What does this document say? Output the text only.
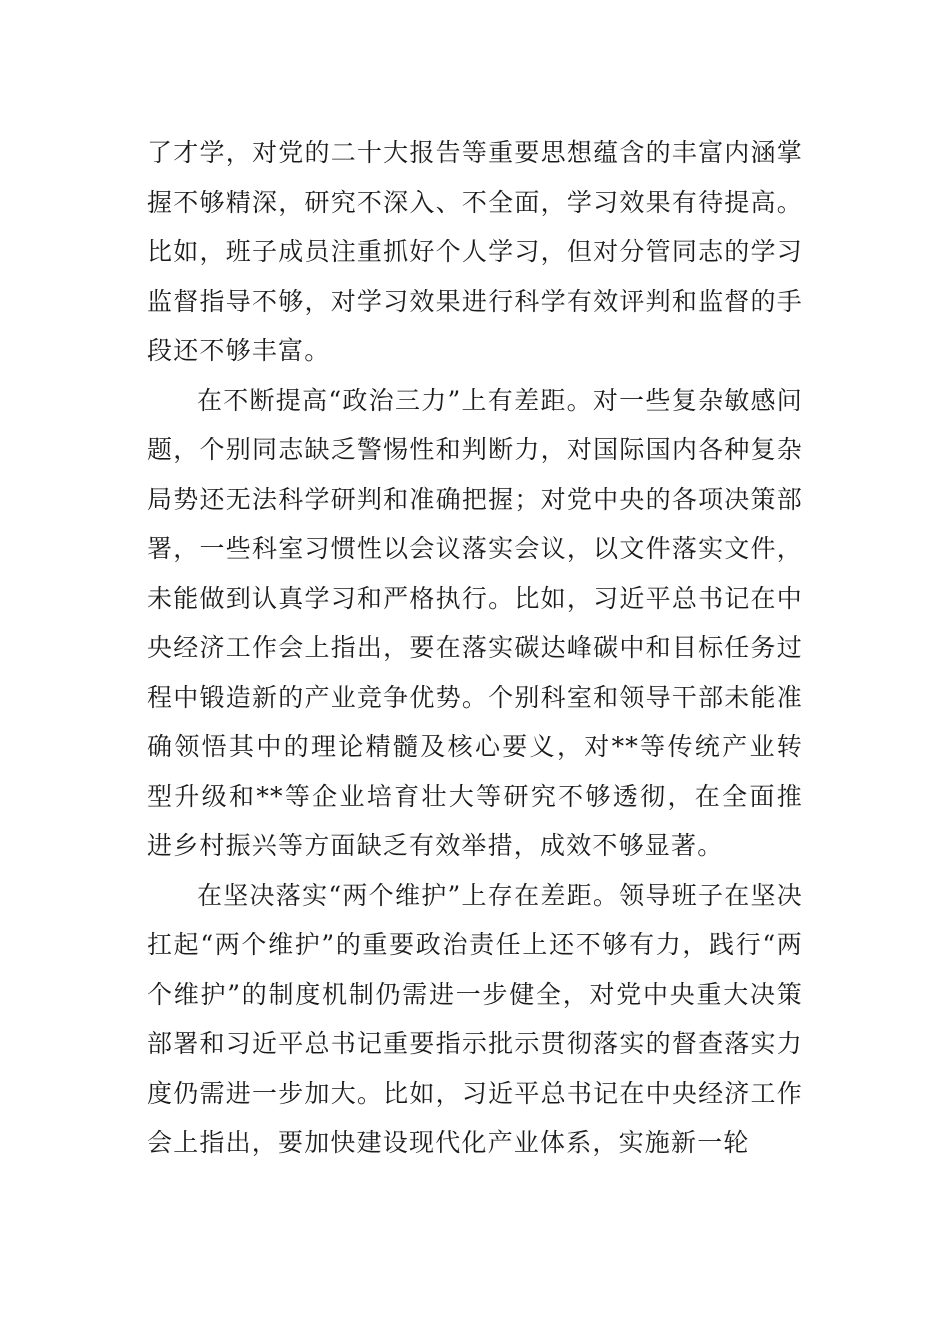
了才学，对党的二十大报告等重要思想蕴含的丰富内涵掌握不够精深，研究不深入、不全面，学习效果有待提高。比如，班子成员注重抓好个人学习，但对分管同志的学习监督指导不够，对学习效果进行科学有效评判和监督的手段还不够丰富。

在不断提高“政治三力”上有差距。对一些复杂敏感问题，个别同志缺乏警惕性和判断力，对国际国内各种复杂局势还无法科学研判和准确把握；对党中央的各项决策部署，一些科室习惯性以会议落实会议，以文件落实文件，未能做到认真学习和严格执行。比如，习近平总书记在中央经济工作会上指出，要在落实碳达峰碳中和目标任务过程中锻造新的产业竞争优势。个别科室和领导干部未能准确领悟其中的理论精髓及核心要义，对**等传统产业转型升级和**等企业培育壮大等研究不够透彻，在全面推进乡村振兴等方面缺乏有效举措，成效不够显著。

在坚决落实“两个维护”上存在差距。领导班子在坚决扛起“两个维护”的重要政治责任上还不够有力，践行“两个维护”的制度机制仍需进一步健全，对党中央重大决策部署和习近平总书记重要指示批示贯彻落实的督查落实力度仍需进一步加大。比如，习近平总书记在中央经济工作会上指出，要加快建设现代化产业体系，实施新一轮
